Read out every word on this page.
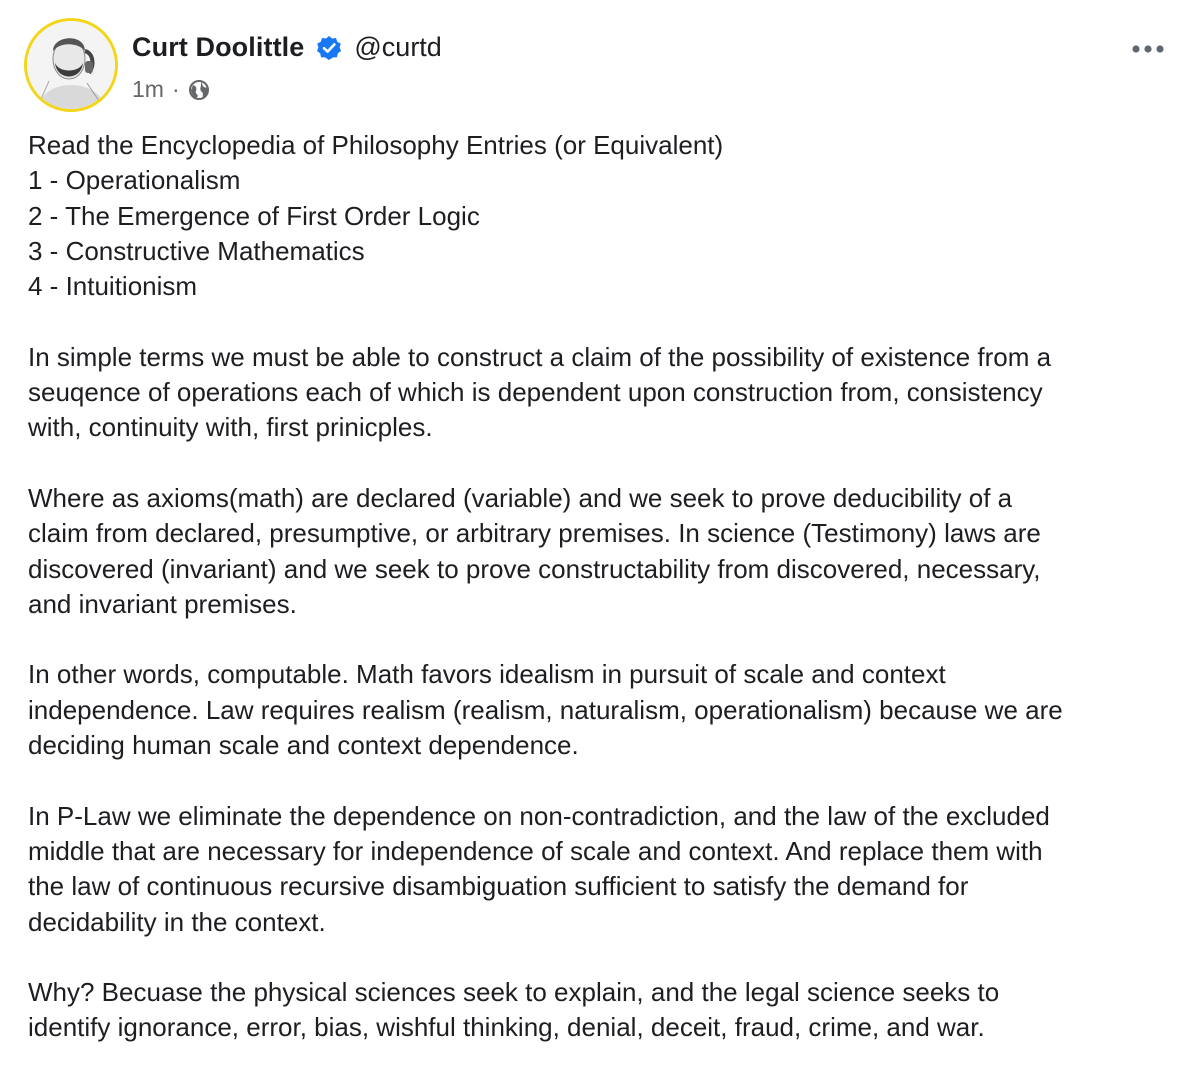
Curt Doolittle @curtd
1m ·
Read the Encyclopedia of Philosophy Entries (or Equivalent)
1 - Operationalism
2 - The Emergence of First Order Logic
3 - Constructive Mathematics
4 - Intuitionism
In simple terms we must be able to construct a claim of the possibility of existence from a
seuqence of operations each of which is dependent upon construction from, consistency
with, continuity with, first prinicples.
Where as axioms(math) are declared (variable) and we seek to prove deducibility of a
claim from declared, presumptive, or arbitrary premises. In science (Testimony) laws are
discovered (invariant) and we seek to prove constructability from discovered, necessary,
and invariant premises.
In other words, computable. Math favors idealism in pursuit of scale and context
independence. Law requires realism (realism, naturalism, operationalism) because we are
deciding human scale and context dependence.
In P-Law we eliminate the dependence on non-contradiction, and the law of the excluded
middle that are necessary for independence of scale and context. And replace them with
the law of continuous recursive disambiguation sufficient to satisfy the demand for
decidability in the context.
Why? Becuase the physical sciences seek to explain, and the legal science seeks to
identify ignorance, error, bias, wishful thinking, denial, deceit, fraud, crime, and war.
